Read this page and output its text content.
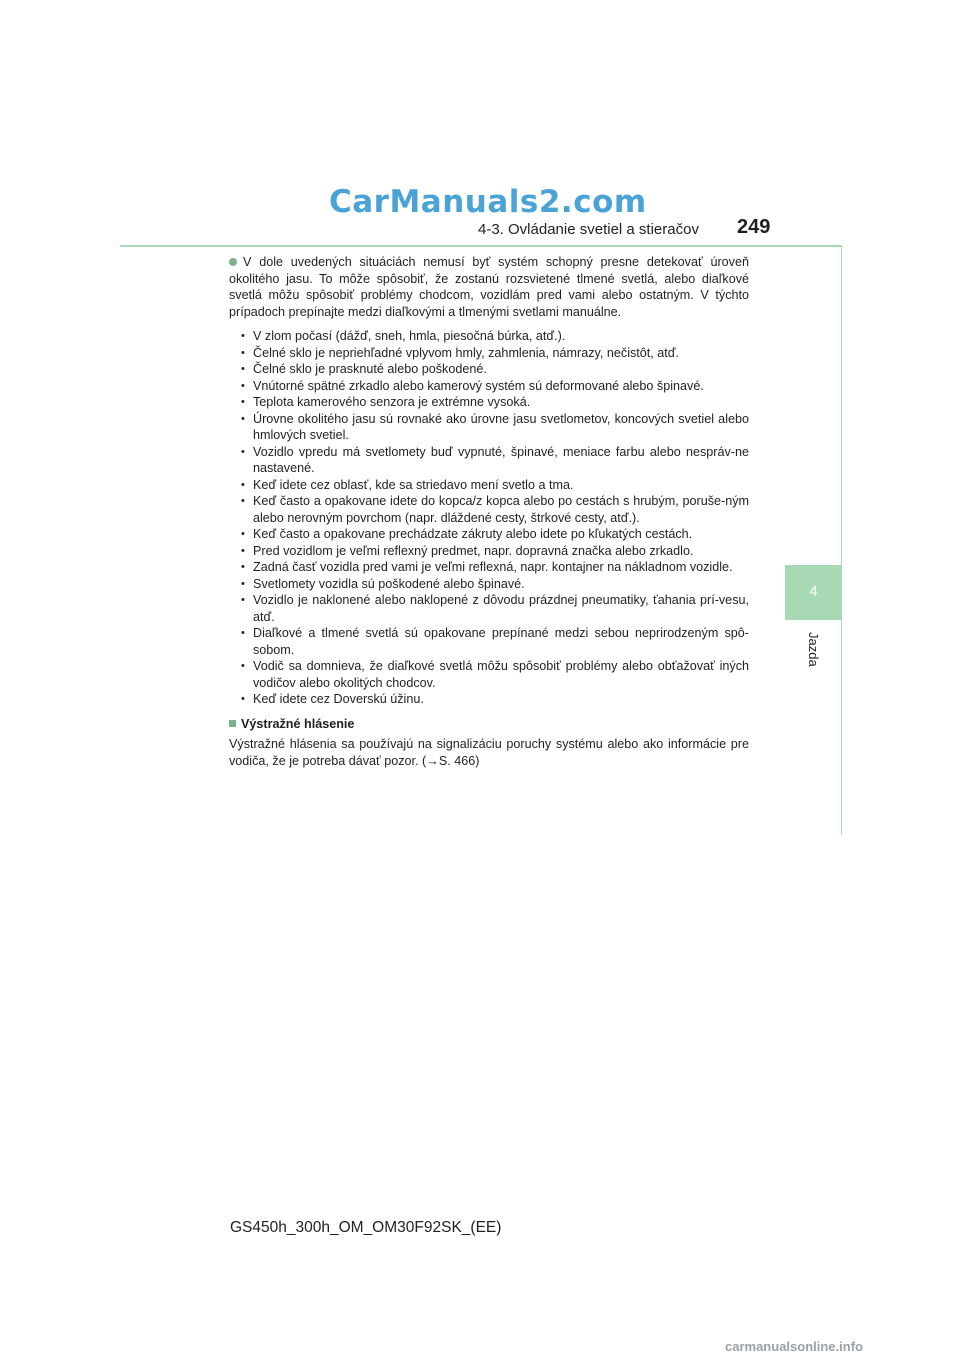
CarManuals2.com
4-3. Ovládanie svetiel a stieračov 249
4
Jazda
V dole uvedených situáciách nemusí byť systém schopný presne detekovať úroveň okolitého jasu. To môže spôsobiť, že zostanú rozsvietené tlmené svetlá, alebo diaľkové svetlá môžu spôsobiť problémy chodcom, vozidlám pred vami alebo ostatným. V týchto prípadoch prepínajte medzi diaľkovými a tlmenými svetlami manuálne.
• V zlom počasí (dážď, sneh, hmla, piesočná búrka, atď.).
• Čelné sklo je nepriehľadné vplyvom hmly, zahmlenia, námrazy, nečistôt, atď.
• Čelné sklo je prasknuté alebo poškodené.
• Vnútorné spätné zrkadlo alebo kamerový systém sú deformované alebo špinavé.
• Teplota kamerového senzora je extrémne vysoká.
• Úrovne okolitého jasu sú rovnaké ako úrovne jasu svetlometov, koncových svetiel alebo hmlových svetiel.
• Vozidlo vpredu má svetlomety buď vypnuté, špinavé, meniace farbu alebo nespráv-ne nastavené.
• Keď idete cez oblasť, kde sa striedavo mení svetlo a tma.
• Keď často a opakovane idete do kopca/z kopca alebo po cestách s hrubým, poruše-ným alebo nerovným povrchom (napr. dláždené cesty, štrkové cesty, atď.).
• Keď často a opakovane prechádzate zákruty alebo idete po kľukatých cestách.
• Pred vozidlom je veľmi reflexný predmet, napr. dopravná značka alebo zrkadlo.
• Zadná časť vozidla pred vami je veľmi reflexná, napr. kontajner na nákladnom vozidle.
• Svetlomety vozidla sú poškodené alebo špinavé.
• Vozidlo je naklonené alebo naklopené z dôvodu prázdnej pneumatiky, ťahania prí-vesu, atď.
• Diaľkové a tlmené svetlá sú opakovane prepínané medzi sebou neprirodzeným spô-sobom.
• Vodič sa domnieva, že diaľkové svetlá môžu spôsobiť problémy alebo obťažovať iných vodičov alebo okolitých chodcov.
• Keď idete cez Doverskú úžinu.
Výstražné hlásenie
Výstražné hlásenia sa používajú na signalizáciu poruchy systému alebo ako informácie pre vodiča, že je potreba dávať pozor. (→S. 466)
GS450h_300h_OM_OM30F92SK_(EE)
carmanualsonline.info
